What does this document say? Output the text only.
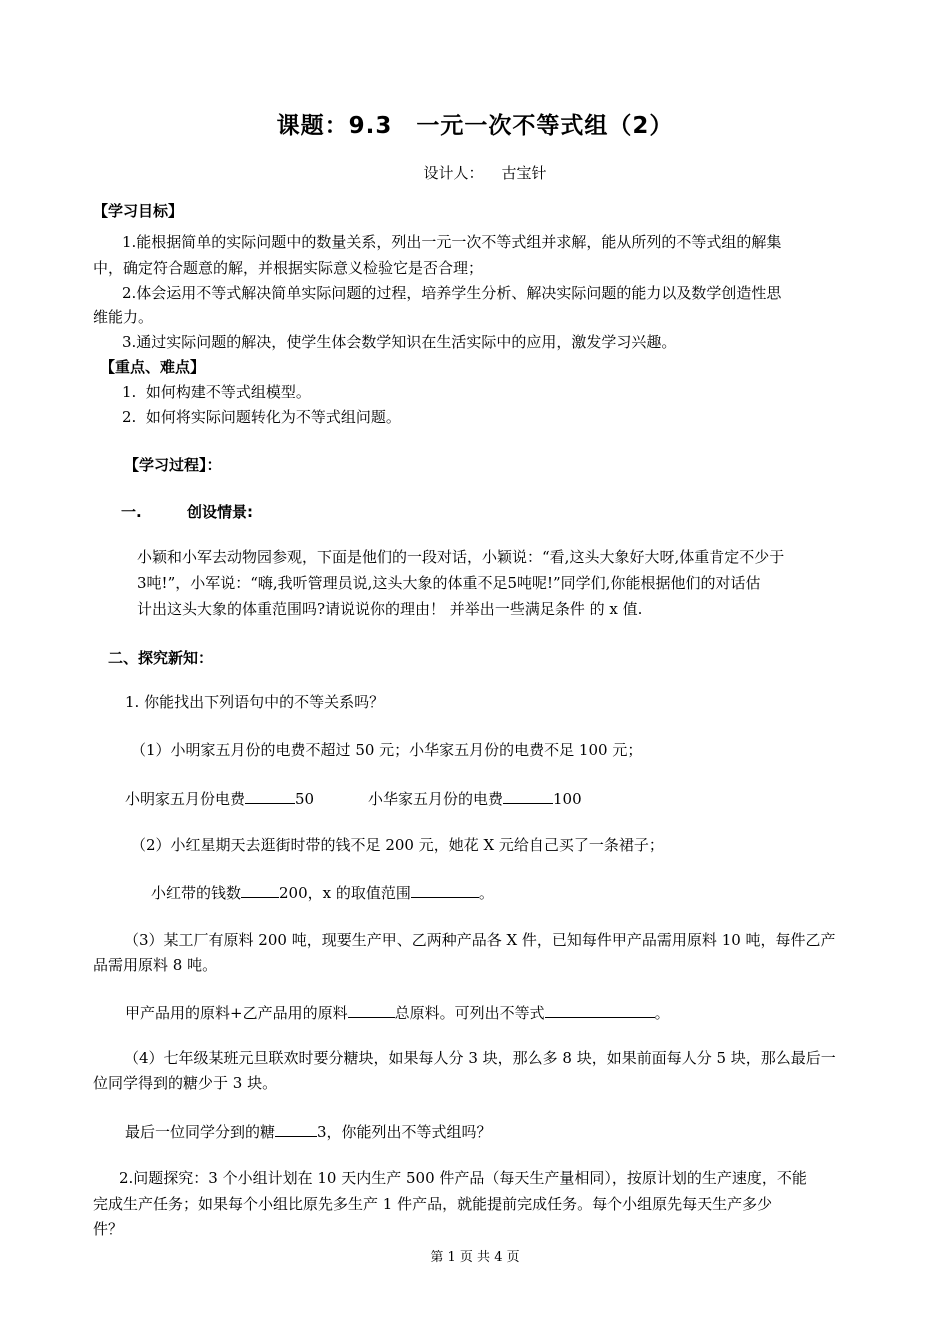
课题：9.3　一元一次不等式组（2）
设计人： 古宝针
【学习目标】
1.能根据简单的实际问题中的数量关系，列出一元一次不等式组并求解，能从所列的不等式组的解集
中，确定符合题意的解，并根据实际意义检验它是否合理；
2.体会运用不等式解决简单实际问题的过程，培养学生分析、解决实际问题的能力以及数学创造性思
维能力。
3.通过实际问题的解决，使学生体会数学知识在生活实际中的应用，激发学习兴趣。
【重点、难点】
1. 如何构建不等式组模型。
2. 如何将实际问题转化为不等式组问题。
【学习过程】：
一.	创设情景:
小颖和小军去动物园参观，下面是他们的一段对话，小颖说：“看,这头大象好大呀,体重肯定不少于
3吨!”，小军说：“嗨,我听管理员说,这头大象的体重不足5吨呢!”同学们,你能根据他们的对话估
计出这头大象的体重范围吗?请说说你的理由！ 并举出一些满足条件 的 x 值.
二、探究新知：
1. 你能找出下列语句中的不等关系吗？
（1）小明家五月份的电费不超过 50 元；小华家五月份的电费不足 100 元；
小明家五月份电费	50	小华家五月份的电费	100
（2）小红星期天去逛街时带的钱不足 200 元，她花 X 元给自己买了一条裙子；
小红带的钱数	200，x 的取值范围	。
（3）某工厂有原料 200 吨，现要生产甲、乙两种产品各 X 件，已知每件甲产品需用原料 10 吨，每件乙产
品需用原料 8 吨。
甲产品用的原料+乙产品用的原料	总原料。可列出不等式	。
（4）七年级某班元旦联欢时要分糖块，如果每人分 3 块，那么多 8 块，如果前面每人分 5 块，那么最后一
位同学得到的糖少于 3 块。
最后一位同学分到的糖	3，你能列出不等式组吗？
2.问题探究：3 个小组计划在 10 天内生产 500 件产品（每天生产量相同），按原计划的生产速度，不能
完成生产任务；如果每个小组比原先多生产 1 件产品，就能提前完成任务。每个小组原先每天生产多少
件？
第 1 页 共 4 页
